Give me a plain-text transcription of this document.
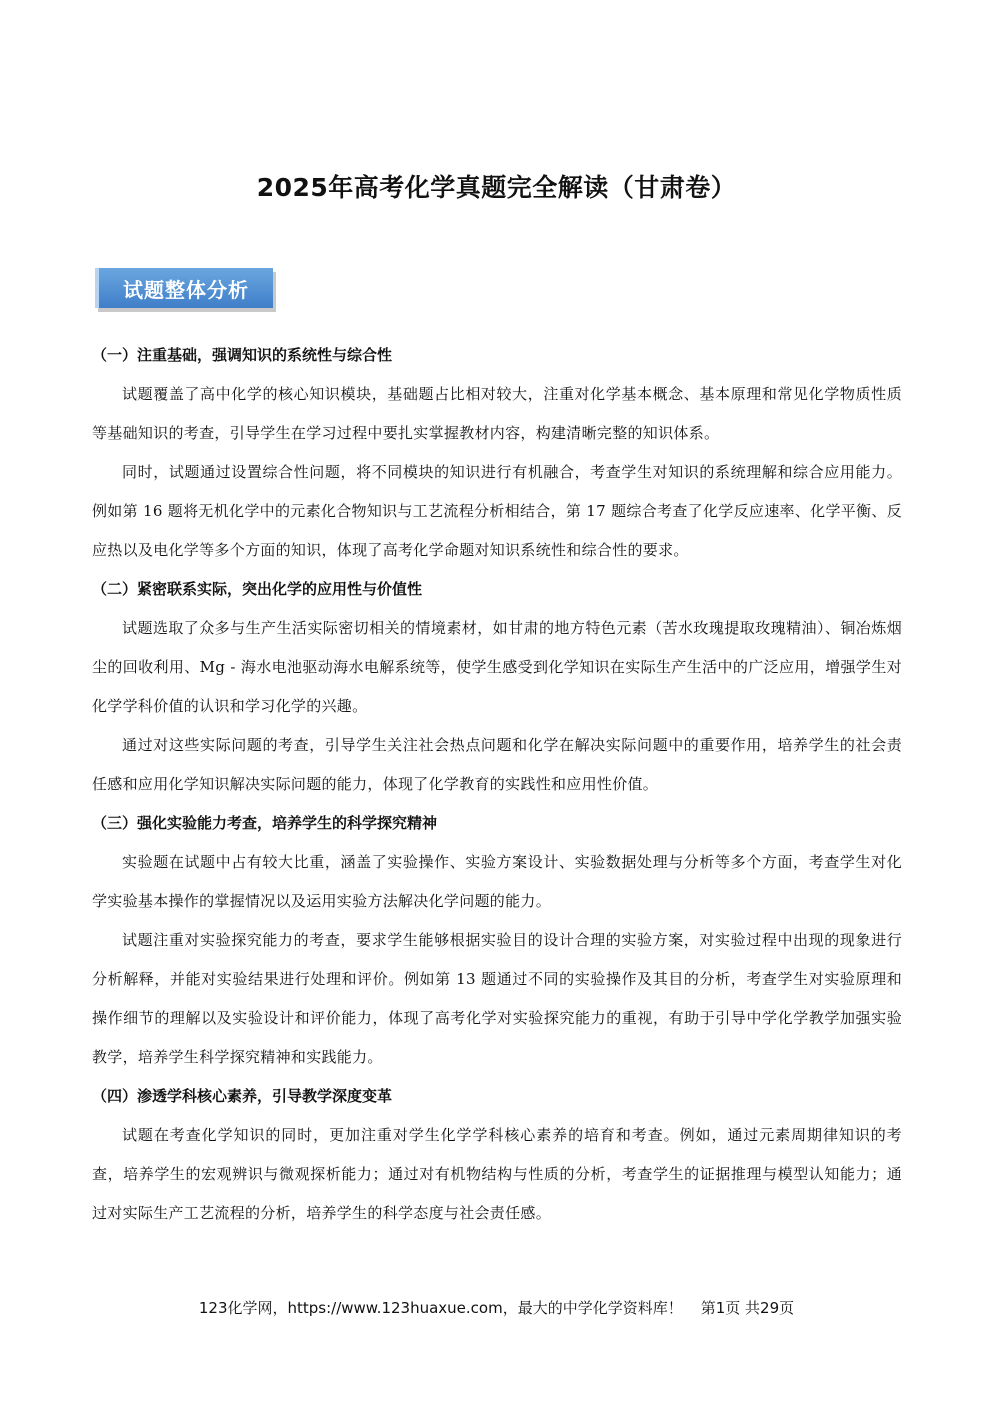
2025年高考化学真题完全解读（甘肃卷）
试题整体分析

（一）注重基础，强调知识的系统性与综合性

试题覆盖了高中化学的核心知识模块，基础题占比相对较大，注重对化学基本概念、基本原理和常见化学物质性质等基础知识的考查，引导学生在学习过程中要扎实掌握教材内容，构建清晰完整的知识体系。

同时，试题通过设置综合性问题，将不同模块的知识进行有机融合，考查学生对知识的系统理解和综合应用能力。例如第 16 题将无机化学中的元素化合物知识与工艺流程分析相结合，第 17 题综合考查了化学反应速率、化学平衡、反应热以及电化学等多个方面的知识，体现了高考化学命题对知识系统性和综合性的要求。

（二）紧密联系实际，突出化学的应用性与价值性

试题选取了众多与生产生活实际密切相关的情境素材，如甘肃的地方特色元素（苦水玫瑰提取玫瑰精油）、铜冶炼烟尘的回收利用、Mg - 海水电池驱动海水电解系统等，使学生感受到化学知识在实际生产生活中的广泛应用，增强学生对化学学科价值的认识和学习化学的兴趣。

通过对这些实际问题的考查，引导学生关注社会热点问题和化学在解决实际问题中的重要作用，培养学生的社会责任感和应用化学知识解决实际问题的能力，体现了化学教育的实践性和应用性价值。

（三）强化实验能力考查，培养学生的科学探究精神

实验题在试题中占有较大比重，涵盖了实验操作、实验方案设计、实验数据处理与分析等多个方面，考查学生对化学实验基本操作的掌握情况以及运用实验方法解决化学问题的能力。

试题注重对实验探究能力的考查，要求学生能够根据实验目的设计合理的实验方案，对实验过程中出现的现象进行分析解释，并能对实验结果进行处理和评价。例如第 13 题通过不同的实验操作及其目的分析，考查学生对实验原理和操作细节的理解以及实验设计和评价能力，体现了高考化学对实验探究能力的重视，有助于引导中学化学教学加强实验教学，培养学生科学探究精神和实践能力。

（四）渗透学科核心素养，引导教学深度变革

试题在考查化学知识的同时，更加注重对学生化学学科核心素养的培育和考查。例如，通过元素周期律知识的考查，培养学生的宏观辨识与微观探析能力；通过对有机物结构与性质的分析，考查学生的证据推理与模型认知能力；通过对实际生产工艺流程的分析，培养学生的科学态度与社会责任感。

123化学网，https://www.123huaxue.com，最大的中学化学资料库！ 第1页 共29页
